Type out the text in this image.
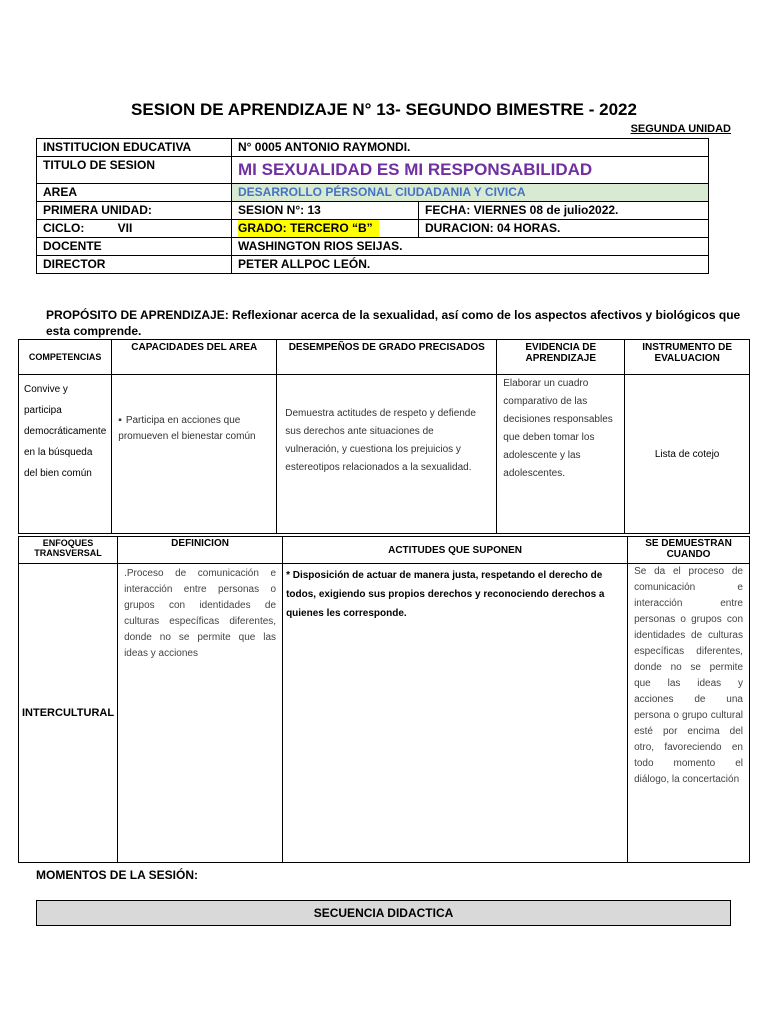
SESION DE APRENDIZAJE N° 13- SEGUNDO BIMESTRE - 2022
SEGUNDA UNIDAD
INSTITUCION EDUCATIVA	N° 0005 ANTONIO RAYMONDI.	
TITULO DE SESION	MI SEXUALIDAD ES MI RESPONSABILIDAD	
AREA	DESARROLLO PÉRSONAL CIUDADANIA Y CIVICA	
PRIMERA UNIDAD:	SESION N°: 13	FECHA: VIERNES 08 de julio2022.
CICLO: VII	GRADO: TERCERO “B”	DURACION: 04 HORAS.
DOCENTE	WASHINGTON RIOS SEIJAS.	
DIRECTOR	PETER ALLPOC LEÓN.	
PROPÓSITO DE APRENDIZAJE: Reflexionar acerca de la sexualidad, así como de los aspectos afectivos y biológicos que esta comprende.
COMPETENCIAS	CAPACIDADES DEL AREA	DESEMPEÑOS DE GRADO PRECISADOS	EVIDENCIA DE APRENDIZAJE	INSTRUMENTO DE EVALUACION
Convive y participa democráticamente en la búsqueda del bien común	▪ Participa en acciones que promueven el bienestar común	Demuestra actitudes de respeto y defiende sus derechos ante situaciones de vulneración, y cuestiona los prejuicios y estereotipos relacionados a la sexualidad.	Elaborar un cuadro comparativo de las decisiones responsables que deben tomar los adolescente y las adolescentes.	Lista de cotejo
ENFOQUES TRANSVERSAL	DEFINICION	ACTITUDES QUE SUPONEN	SE DEMUESTRAN CUANDO
INTERCULTURAL	.Proceso de comunicación e interacción entre personas o grupos con identidades de culturas específicas diferentes, donde no se permite que las ideas y acciones	* Disposición de actuar de manera justa, respetando el derecho de todos, exigiendo sus propios derechos y reconociendo derechos a quienes les corresponde.	Se da el proceso de comunicación e interacción entre personas o grupos con identidades de culturas específicas diferentes, donde no se permite que las ideas y acciones de una persona o grupo cultural esté por encima del otro, favoreciendo en todo momento el diálogo, la concertación
MOMENTOS DE LA SESIÓN:
SECUENCIA DIDACTICA
